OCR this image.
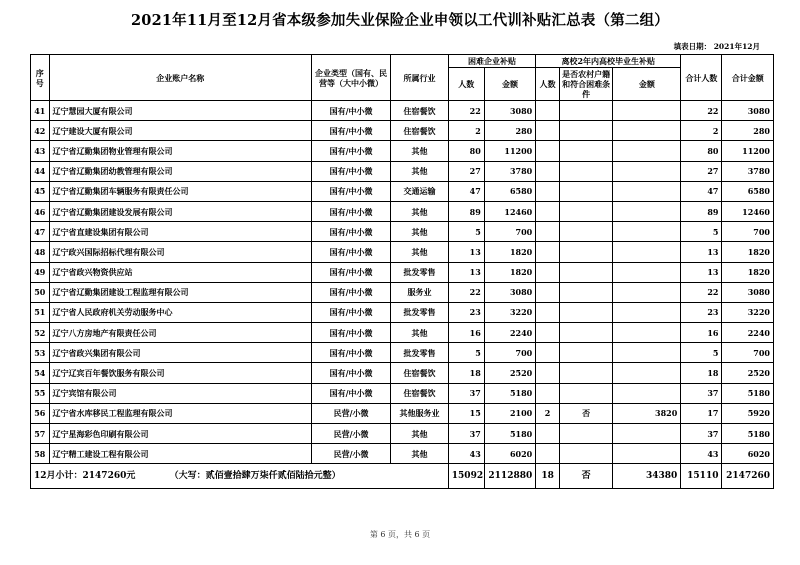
2021年11月至12月省本级参加失业保险企业申领以工代训补贴汇总表（第二组）
填表日期： 2021年12月
序号	企业账户名称	企业类型（国有、民营等（大中小微）	所属行业	困难企业补贴		离校2年内高校毕业生补贴			合计人数	合计金额
				人数	金额	人数	是否农村户籍和符合困难条件	金额		
41	辽宁慧园大厦有限公司	国有/中小微	住宿餐饮	22	3080				22	3080
42	辽宁建设大厦有限公司	国有/中小微	住宿餐饮	2	280				2	280
43	辽宁省辽勤集团物业管理有限公司	国有/中小微	其他	80	11200				80	11200
44	辽宁省辽勤集团幼教管理有限公司	国有/中小微	其他	27	3780				27	3780
45	辽宁省辽勤集团车辆服务有限责任公司	国有/中小微	交通运输	47	6580				47	6580
46	辽宁省辽勤集团建设发展有限公司	国有/中小微	其他	89	12460				89	12460
47	辽宁省直建设集团有限公司	国有/中小微	其他	5	700				5	700
48	辽宁政兴国际招标代理有限公司	国有/中小微	其他	13	1820				13	1820
49	辽宁省政兴物资供应站	国有/中小微	批发零售	13	1820				13	1820
50	辽宁省辽勤集团建设工程监理有限公司	国有/中小微	服务业	22	3080				22	3080
51	辽宁省人民政府机关劳动服务中心	国有/中小微	批发零售	23	3220				23	3220
52	辽宁八方房地产有限责任公司	国有/中小微	其他	16	2240				16	2240
53	辽宁省政兴集团有限公司	国有/中小微	批发零售	5	700				5	700
54	辽宁辽宾百年餐饮服务有限公司	国有/中小微	住宿餐饮	18	2520				18	2520
55	辽宁宾馆有限公司	国有/中小微	住宿餐饮	37	5180				37	5180
56	辽宁省水库移民工程监理有限公司	民营/小微	其他服务业	15	2100	2	否	3820	17	5920
57	辽宁星海彩色印刷有限公司	民营/小微	其他	37	5180				37	5180
58	辽宁精工建设工程有限公司	民营/小微	其他	43	6020				43	6020
12月小计：2147260元 （大写：贰佰壹拾肆万柒仟贰佰陆拾元整）				15092	2112880	18	否	34380	15110	2147260
第 6 页，共 6 页
